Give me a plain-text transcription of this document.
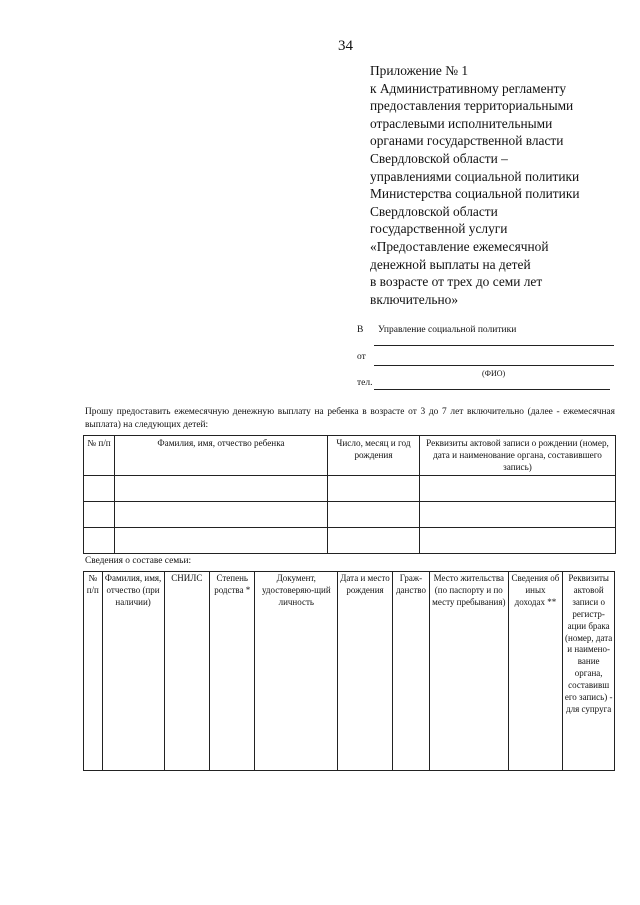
34
Приложение № 1
к Административному регламенту
предоставления территориальными
отраслевыми исполнительными
органами государственной власти
Свердловской области –
управлениями социальной политики
Министерства социальной политики
Свердловской области
государственной услуги
«Предоставление ежемесячной
денежной выплаты на детей
в возрасте от трех до семи лет
включительно»
В Управление социальной политики
от
(ФИО)
тел.
Прошу предоставить ежемесячную денежную выплату на ребенка в возрасте от 3 до 7 лет включительно (далее - ежемесячная выплата) на следующих детей:
№ п/п	Фамилия, имя, отчество ребенка	Число, месяц и год рождения	Реквизиты актовой записи о рождении (номер, дата и наименование органа, составившего запись)

Сведения о составе семьи:
№ п/п	Фамилия, имя, отчество (при наличии)	СНИЛС	Степень родства *	Документ, удостоверяю-щий личность	Дата и место рождения	Граж-данство	Место жительства (по паспорту и по месту пребывания)	Сведения об иных доходах **	Реквизиты актовой записи о регистр-ации брака (номер, дата и наимено-вание органа, составивш его запись) - для супруга
